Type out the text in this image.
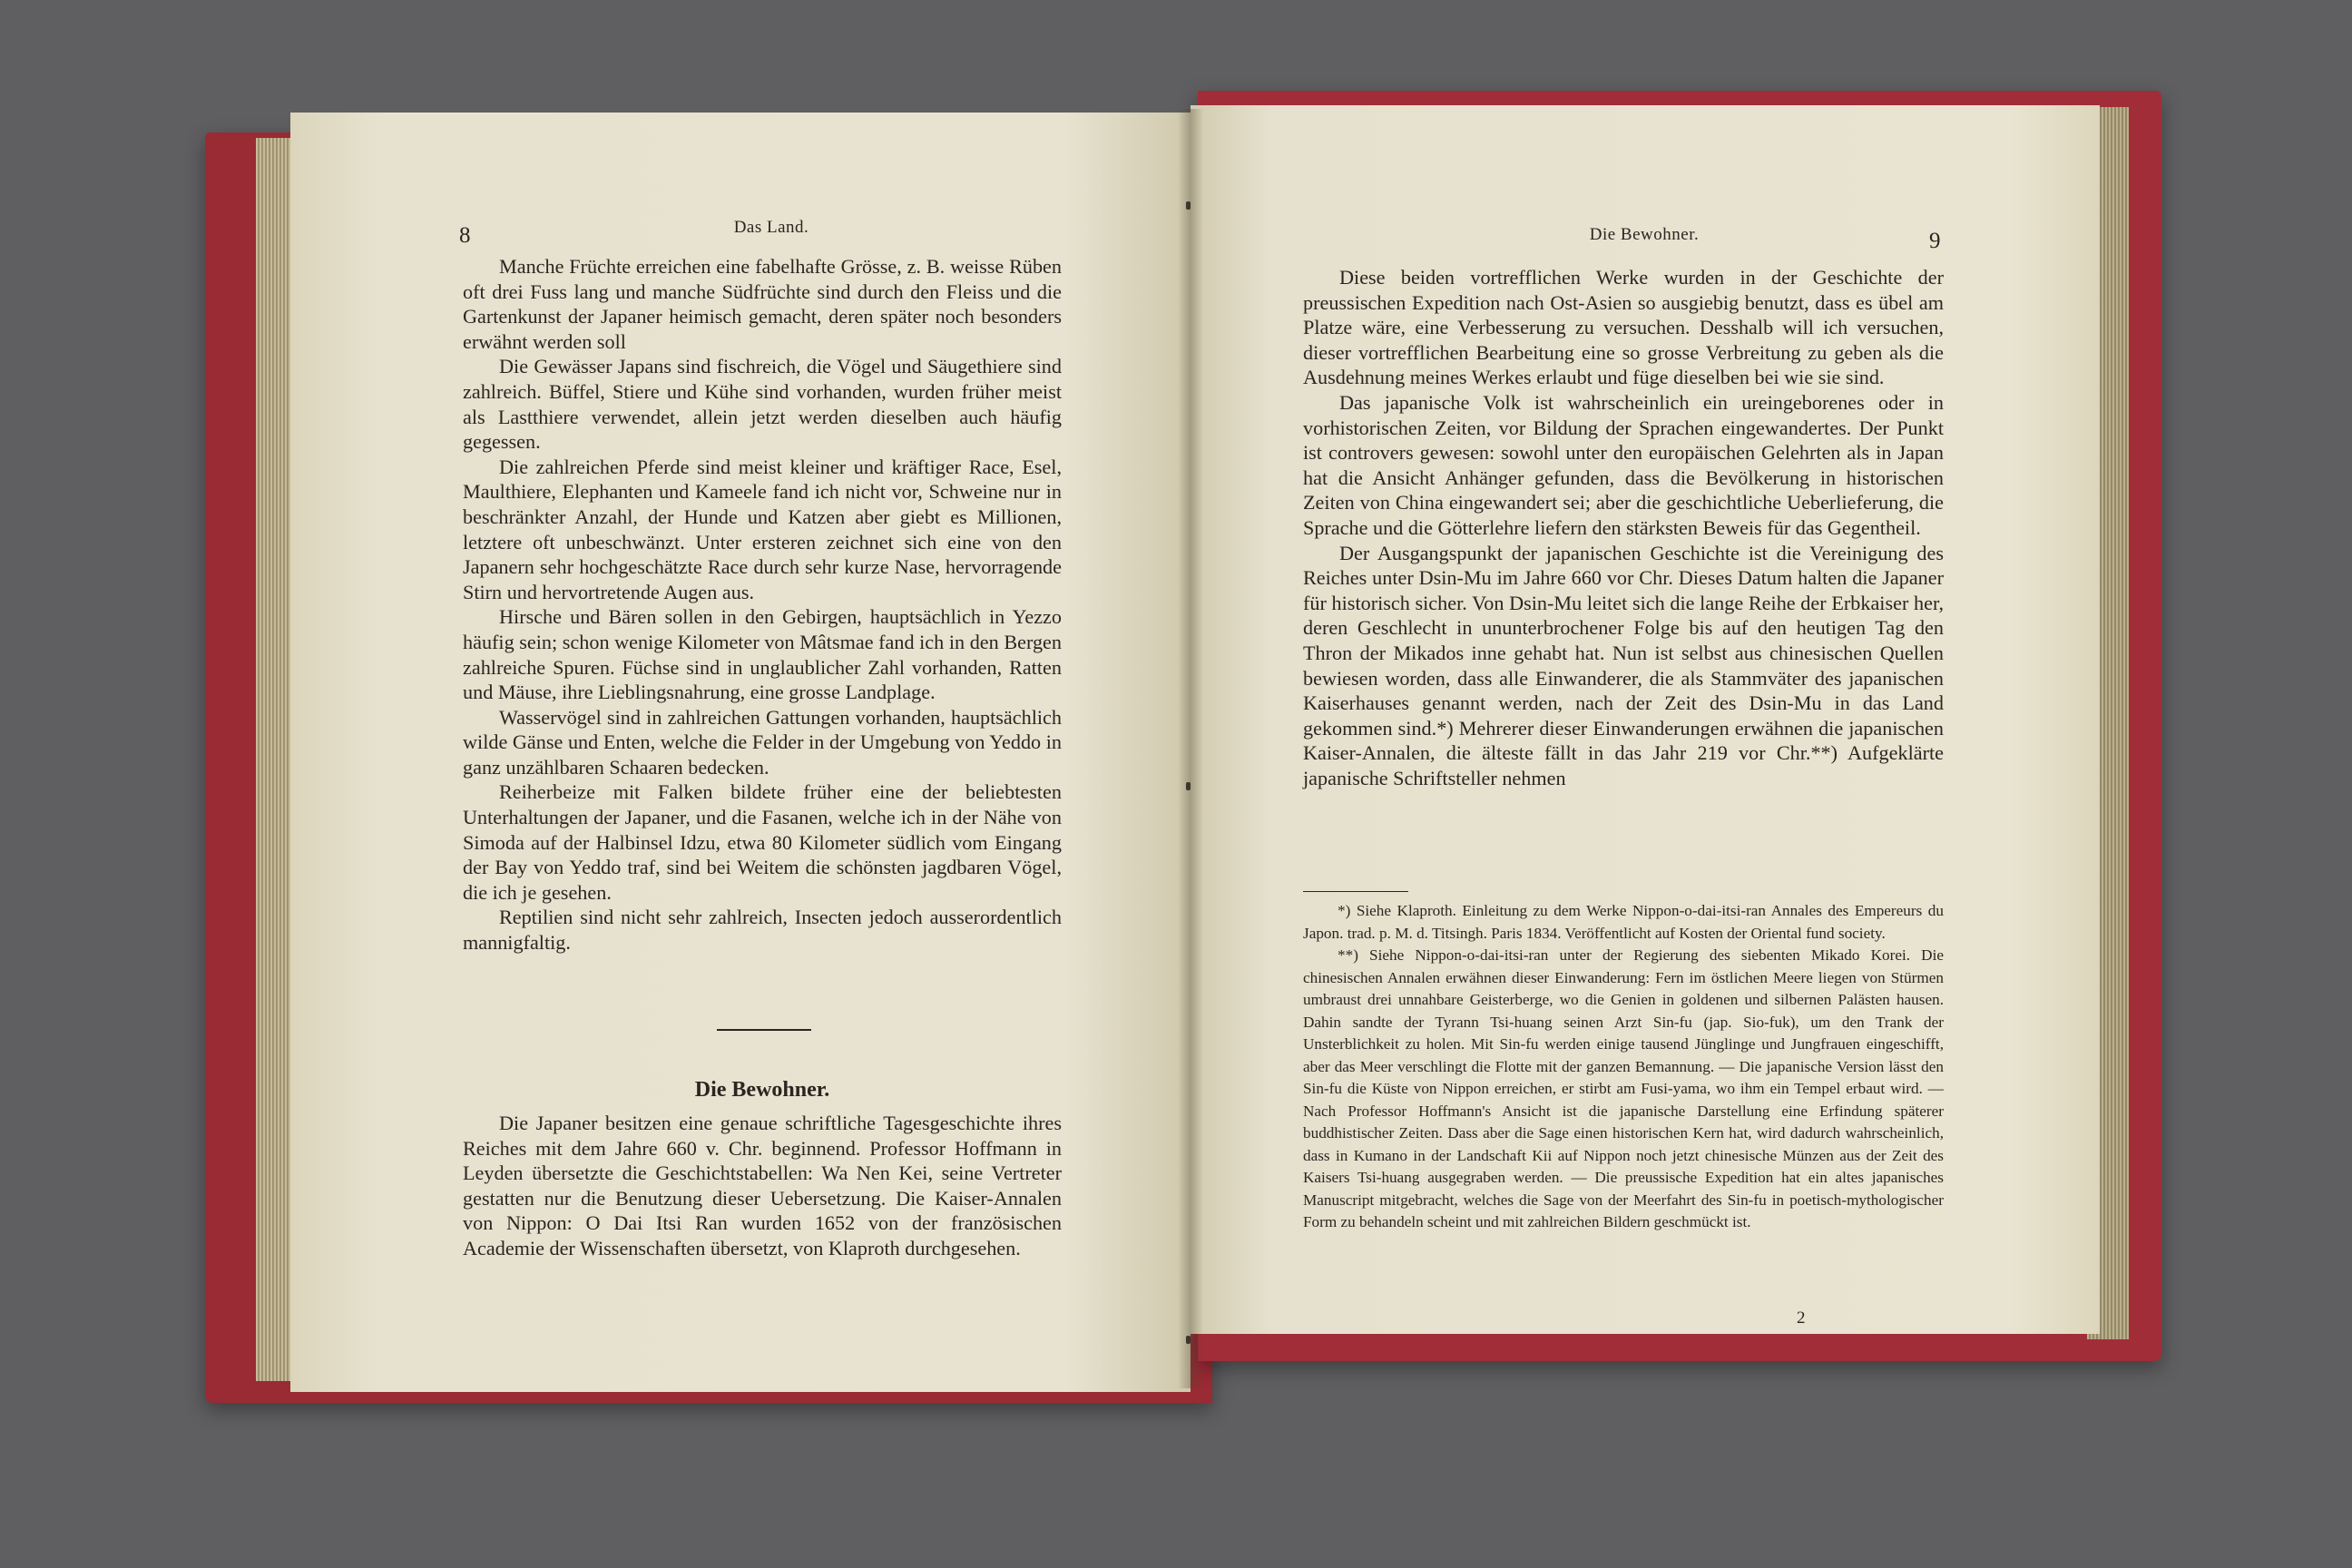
8	Das Land.

Manche Früchte erreichen eine fabelhafte Grösse, z. B. weisse Rüben oft drei Fuss lang und manche Südfrüchte sind durch den Fleiss und die Gartenkunst der Japaner heimisch gemacht, deren später noch besonders erwähnt werden soll

Die Gewässer Japans sind fischreich, die Vögel und Säugethiere sind zahlreich. Büffel, Stiere und Kühe sind vorhanden, wurden früher meist als Lastthiere verwendet, allein jetzt werden dieselben auch häufig gegessen.

Die zahlreichen Pferde sind meist kleiner und kräftiger Race, Esel, Maulthiere, Elephanten und Kameele fand ich nicht vor, Schweine nur in beschränkter Anzahl, der Hunde und Katzen aber giebt es Millionen, letztere oft unbeschwänzt. Unter ersteren zeichnet sich eine von den Japanern sehr hochgeschätzte Race durch sehr kurze Nase, hervorragende Stirn und hervortretende Augen aus.

Hirsche und Bären sollen in den Gebirgen, hauptsächlich in Yezzo häufig sein; schon wenige Kilometer von Mâtsmae fand ich in den Bergen zahlreiche Spuren. Füchse sind in unglaublicher Zahl vorhanden, Ratten und Mäuse, ihre Lieblingsnahrung, eine grosse Landplage.

Wasservögel sind in zahlreichen Gattungen vorhanden, hauptsächlich wilde Gänse und Enten, welche die Felder in der Umgebung von Yeddo in ganz unzählbaren Schaaren bedecken.

Reiherbeize mit Falken bildete früher eine der beliebtesten Unterhaltungen der Japaner, und die Fasanen, welche ich in der Nähe von Simoda auf der Halbinsel Idzu, etwa 80 Kilometer südlich vom Eingang der Bay von Yeddo traf, sind bei Weitem die schönsten jagdbaren Vögel, die ich je gesehen.

Reptilien sind nicht sehr zahlreich, Insecten jedoch ausserordentlich mannigfaltig.

Die Bewohner.

Die Japaner besitzen eine genaue schriftliche Tagesgeschichte ihres Reiches mit dem Jahre 660 v. Chr. beginnend. Professor Hoffmann in Leyden übersetzte die Geschichtstabellen: Wa Nen Kei, seine Vertreter gestatten nur die Benutzung dieser Uebersetzung. Die Kaiser-Annalen von Nippon: O Dai Itsi Ran wurden 1652 von der französischen Academie der Wissenschaften übersetzt, von Klaproth durchgesehen.

Die Bewohner.	9

Diese beiden vortrefflichen Werke wurden in der Geschichte der preussischen Expedition nach Ost-Asien so ausgiebig benutzt, dass es übel am Platze wäre, eine Verbesserung zu versuchen. Desshalb will ich versuchen, dieser vortrefflichen Bearbeitung eine so grosse Verbreitung zu geben als die Ausdehnung meines Werkes erlaubt und füge dieselben bei wie sie sind.

Das japanische Volk ist wahrscheinlich ein ureingeborenes oder in vorhistorischen Zeiten, vor Bildung der Sprachen eingewandertes. Der Punkt ist controvers gewesen: sowohl unter den europäischen Gelehrten als in Japan hat die Ansicht Anhänger gefunden, dass die Bevölkerung in historischen Zeiten von China eingewandert sei; aber die geschichtliche Ueberlieferung, die Sprache und die Götterlehre liefern den stärksten Beweis für das Gegentheil.

Der Ausgangspunkt der japanischen Geschichte ist die Vereinigung des Reiches unter Dsin-Mu im Jahre 660 vor Chr. Dieses Datum halten die Japaner für historisch sicher. Von Dsin-Mu leitet sich die lange Reihe der Erbkaiser her, deren Geschlecht in ununterbrochener Folge bis auf den heutigen Tag den Thron der Mikados inne gehabt hat. Nun ist selbst aus chinesischen Quellen bewiesen worden, dass alle Einwanderer, die als Stammväter des japanischen Kaiserhauses genannt werden, nach der Zeit des Dsin-Mu in das Land gekommen sind.*) Mehrerer dieser Einwanderungen erwähnen die japanischen Kaiser-Annalen, die älteste fällt in das Jahr 219 vor Chr.**) Aufgeklärte japanische Schriftsteller nehmen

*) Siehe Klaproth. Einleitung zu dem Werke Nippon-o-dai-itsi-ran Annales des Empereurs du Japon. trad. p. M. d. Titsingh. Paris 1834. Veröffentlicht auf Kosten der Oriental fund society.

**) Siehe Nippon-o-dai-itsi-ran unter der Regierung des siebenten Mikado Korei. Die chinesischen Annalen erwähnen dieser Einwanderung: Fern im östlichen Meere liegen von Stürmen umbraust drei unnahbare Geisterberge, wo die Genien in goldenen und silbernen Palästen hausen. Dahin sandte der Tyrann Tsi-huang seinen Arzt Sin-fu (jap. Sio-fuk), um den Trank der Unsterblichkeit zu holen. Mit Sin-fu werden einige tausend Jünglinge und Jungfrauen eingeschifft, aber das Meer verschlingt die Flotte mit der ganzen Bemannung. — Die japanische Version lässt den Sin-fu die Küste von Nippon erreichen, er stirbt am Fusi-yama, wo ihm ein Tempel erbaut wird. — Nach Professor Hoffmann's Ansicht ist die japanische Darstellung eine Erfindung späterer buddhistischer Zeiten. Dass aber die Sage einen historischen Kern hat, wird dadurch wahrscheinlich, dass in Kumano in der Landschaft Kii auf Nippon noch jetzt chinesische Münzen aus der Zeit des Kaisers Tsi-huang ausgegraben werden. — Die preussische Expedition hat ein altes japanisches Manuscript mitgebracht, welches die Sage von der Meerfahrt des Sin-fu in poetisch-mythologischer Form zu behandeln scheint und mit zahlreichen Bildern geschmückt ist.

2
